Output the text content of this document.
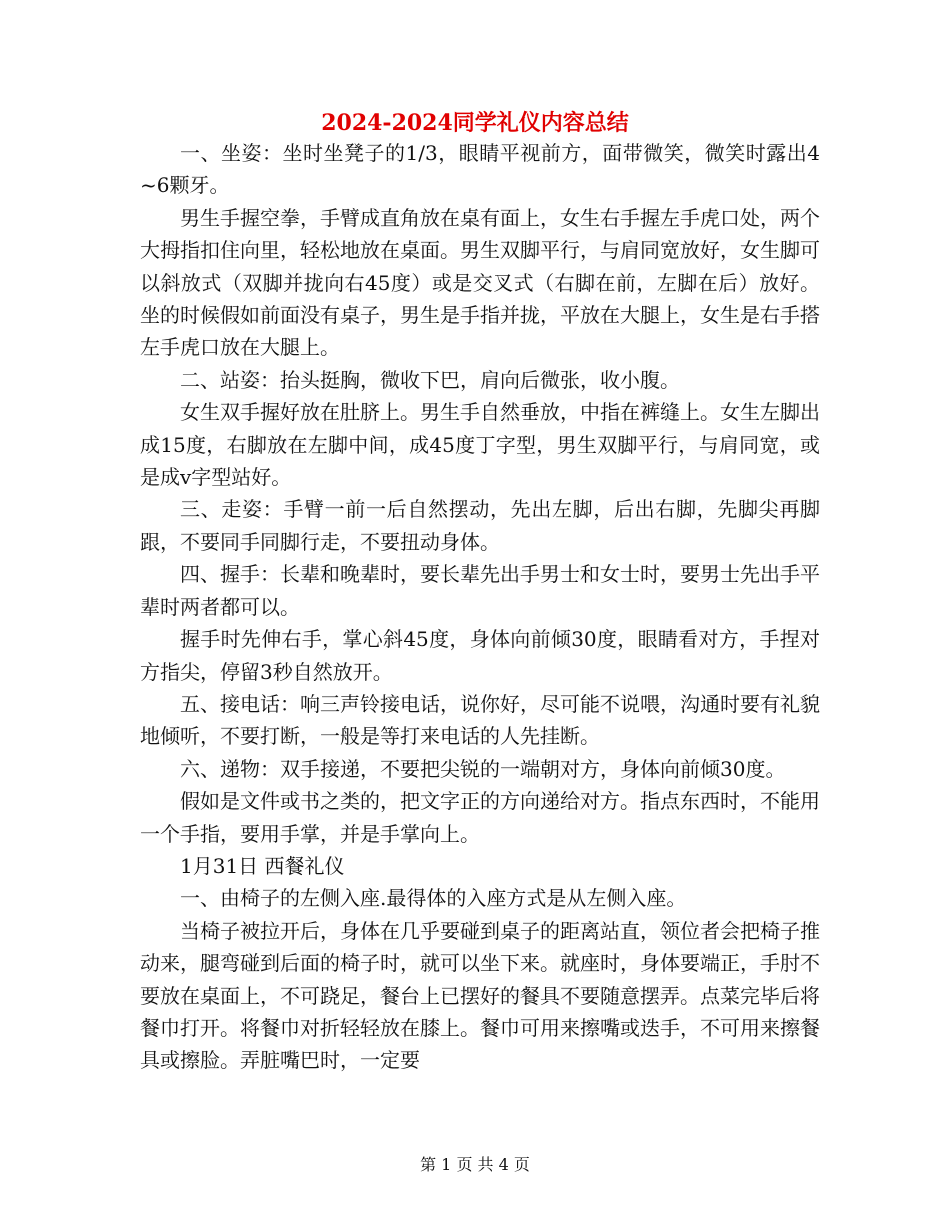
2024-2024同学礼仪内容总结

一、坐姿：坐时坐凳子的1/3，眼睛平视前方，面带微笑，微笑时露出4~6颗牙。

男生手握空拳，手臂成直角放在桌有面上，女生右手握左手虎口处，两个大拇指扣住向里，轻松地放在桌面。男生双脚平行，与肩同宽放好，女生脚可以斜放式（双脚并拢向右45度）或是交叉式（右脚在前，左脚在后）放好。坐的时候假如前面没有桌子，男生是手指并拢，平放在大腿上，女生是右手搭左手虎口放在大腿上。

二、站姿：抬头挺胸，微收下巴，肩向后微张，收小腹。

女生双手握好放在肚脐上。男生手自然垂放，中指在裤缝上。女生左脚出成15度，右脚放在左脚中间，成45度丁字型，男生双脚平行，与肩同宽，或是成v字型站好。

三、走姿：手臂一前一后自然摆动，先出左脚，后出右脚，先脚尖再脚跟，不要同手同脚行走，不要扭动身体。

四、握手：长辈和晚辈时，要长辈先出手男士和女士时，要男士先出手平辈时两者都可以。

握手时先伸右手，掌心斜45度，身体向前倾30度，眼睛看对方，手捏对方指尖，停留3秒自然放开。

五、接电话：响三声铃接电话，说你好，尽可能不说喂，沟通时要有礼貌地倾听，不要打断，一般是等打来电话的人先挂断。

六、递物：双手接递，不要把尖锐的一端朝对方，身体向前倾30度。

假如是文件或书之类的，把文字正的方向递给对方。指点东西时，不能用一个手指，要用手掌，并是手掌向上。

1月31日 西餐礼仪

一、由椅子的左侧入座.最得体的入座方式是从左侧入座。

当椅子被拉开后，身体在几乎要碰到桌子的距离站直，领位者会把椅子推动来，腿弯碰到后面的椅子时，就可以坐下来。就座时，身体要端正，手肘不要放在桌面上，不可跷足，餐台上已摆好的餐具不要随意摆弄。点菜完毕后将餐巾打开。将餐巾对折轻轻放在膝上。餐巾可用来擦嘴或迭手，不可用来擦餐具或擦脸。弄脏嘴巴时，一定要

第 1 页 共 4 页
